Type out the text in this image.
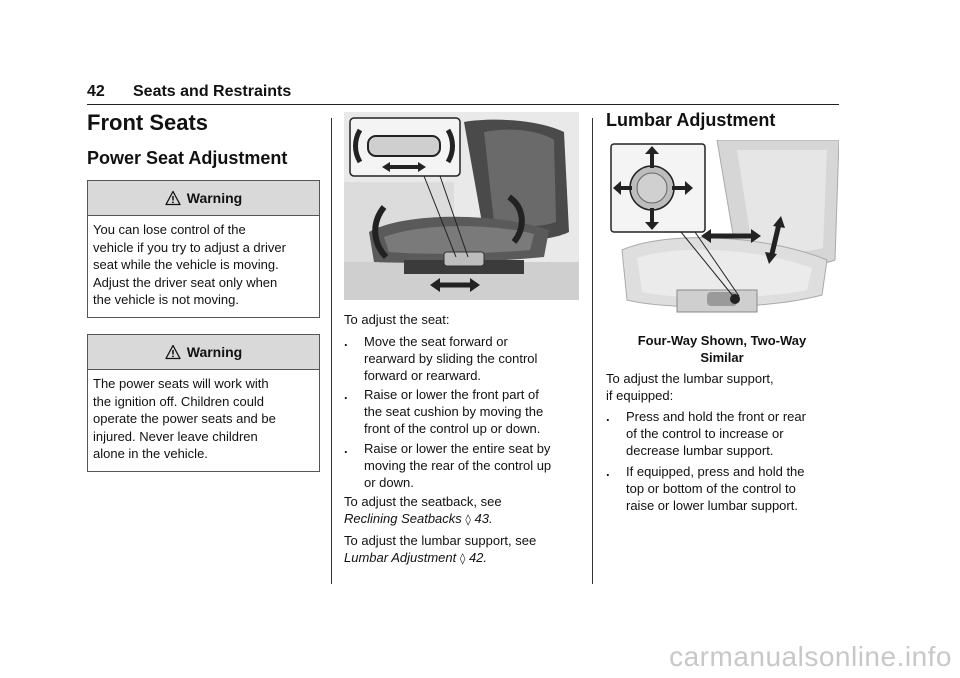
42 Seats and Restraints
Front Seats
Power Seat Adjustment
Warning
You can lose control of the
vehicle if you try to adjust a driver
seat while the vehicle is moving.
Adjust the driver seat only when
the vehicle is not moving.
Warning
The power seats will work with
the ignition off. Children could
operate the power seats and be
injured. Never leave children
alone in the vehicle.
To adjust the seat:
. Move the seat forward or
rearward by sliding the control
forward or rearward.
. Raise or lower the front part of
the seat cushion by moving the
front of the control up or down.
. Raise or lower the entire seat by
moving the rear of the control up
or down.
To adjust the seatback, see
Reclining Seatbacks ◊ 43.
To adjust the lumbar support, see
Lumbar Adjustment ◊ 42.
Lumbar Adjustment
Four-Way Shown, Two-Way
Similar
To adjust the lumbar support,
if equipped:
. Press and hold the front or rear
of the control to increase or
decrease lumbar support.
. If equipped, press and hold the
top or bottom of the control to
raise or lower lumbar support.
carmanualsonline.info
